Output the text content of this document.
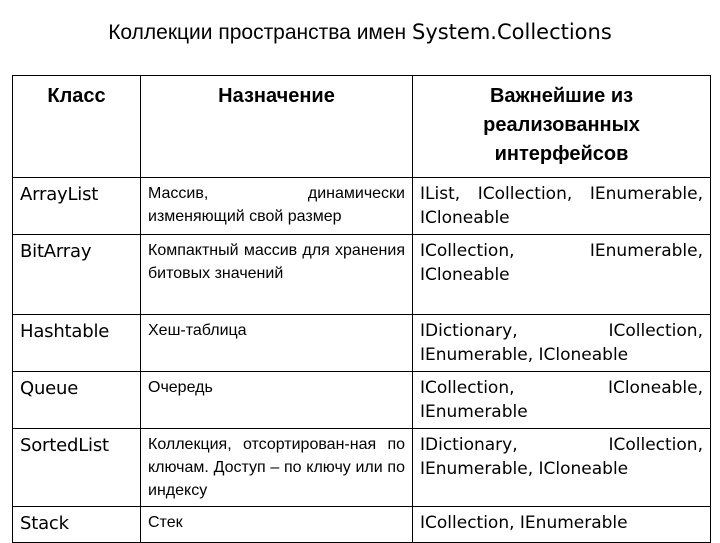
Коллекции пространства имен System.Collections
Класс	Назначение	Важнейшие из реализованных интерфейсов
ArrayList	Массив, динамически изменяющий свой размер	IList, ICollection, IEnumerable, ICloneable
BitArray	Компактный массив для хранения битовых значений	ICollection, IEnumerable, ICloneable
Hashtable	Хеш-таблица	IDictionary, ICollection, IEnumerable, ICloneable
Queue	Очередь	ICollection, ICloneable, IEnumerable
SortedList	Коллекция, отсортирован-ная по ключам. Доступ – по ключу или по индексу	IDictionary, ICollection, IEnumerable, ICloneable
Stack	Стек	ICollection, IEnumerable
